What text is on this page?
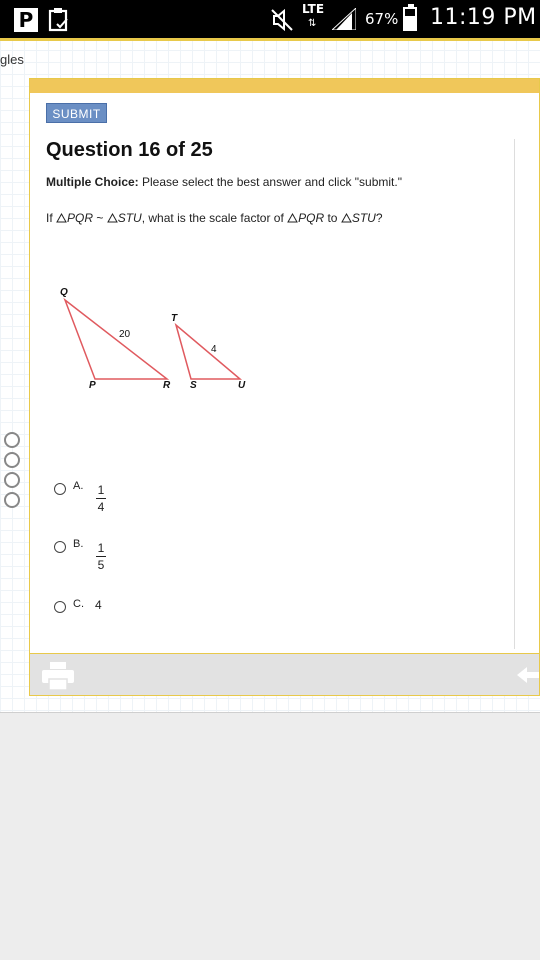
P	LTE
⇅	67% 11:19 PM
gles
SUBMIT
Question 16 of 25
Multiple Choice: Please select the best answer and click "submit."
If PQR ~ STU, what is the scale factor of PQR to STU?
Q
P	R
T
S	U
20
4
A. 1
4
B. 1
5
C. 4
